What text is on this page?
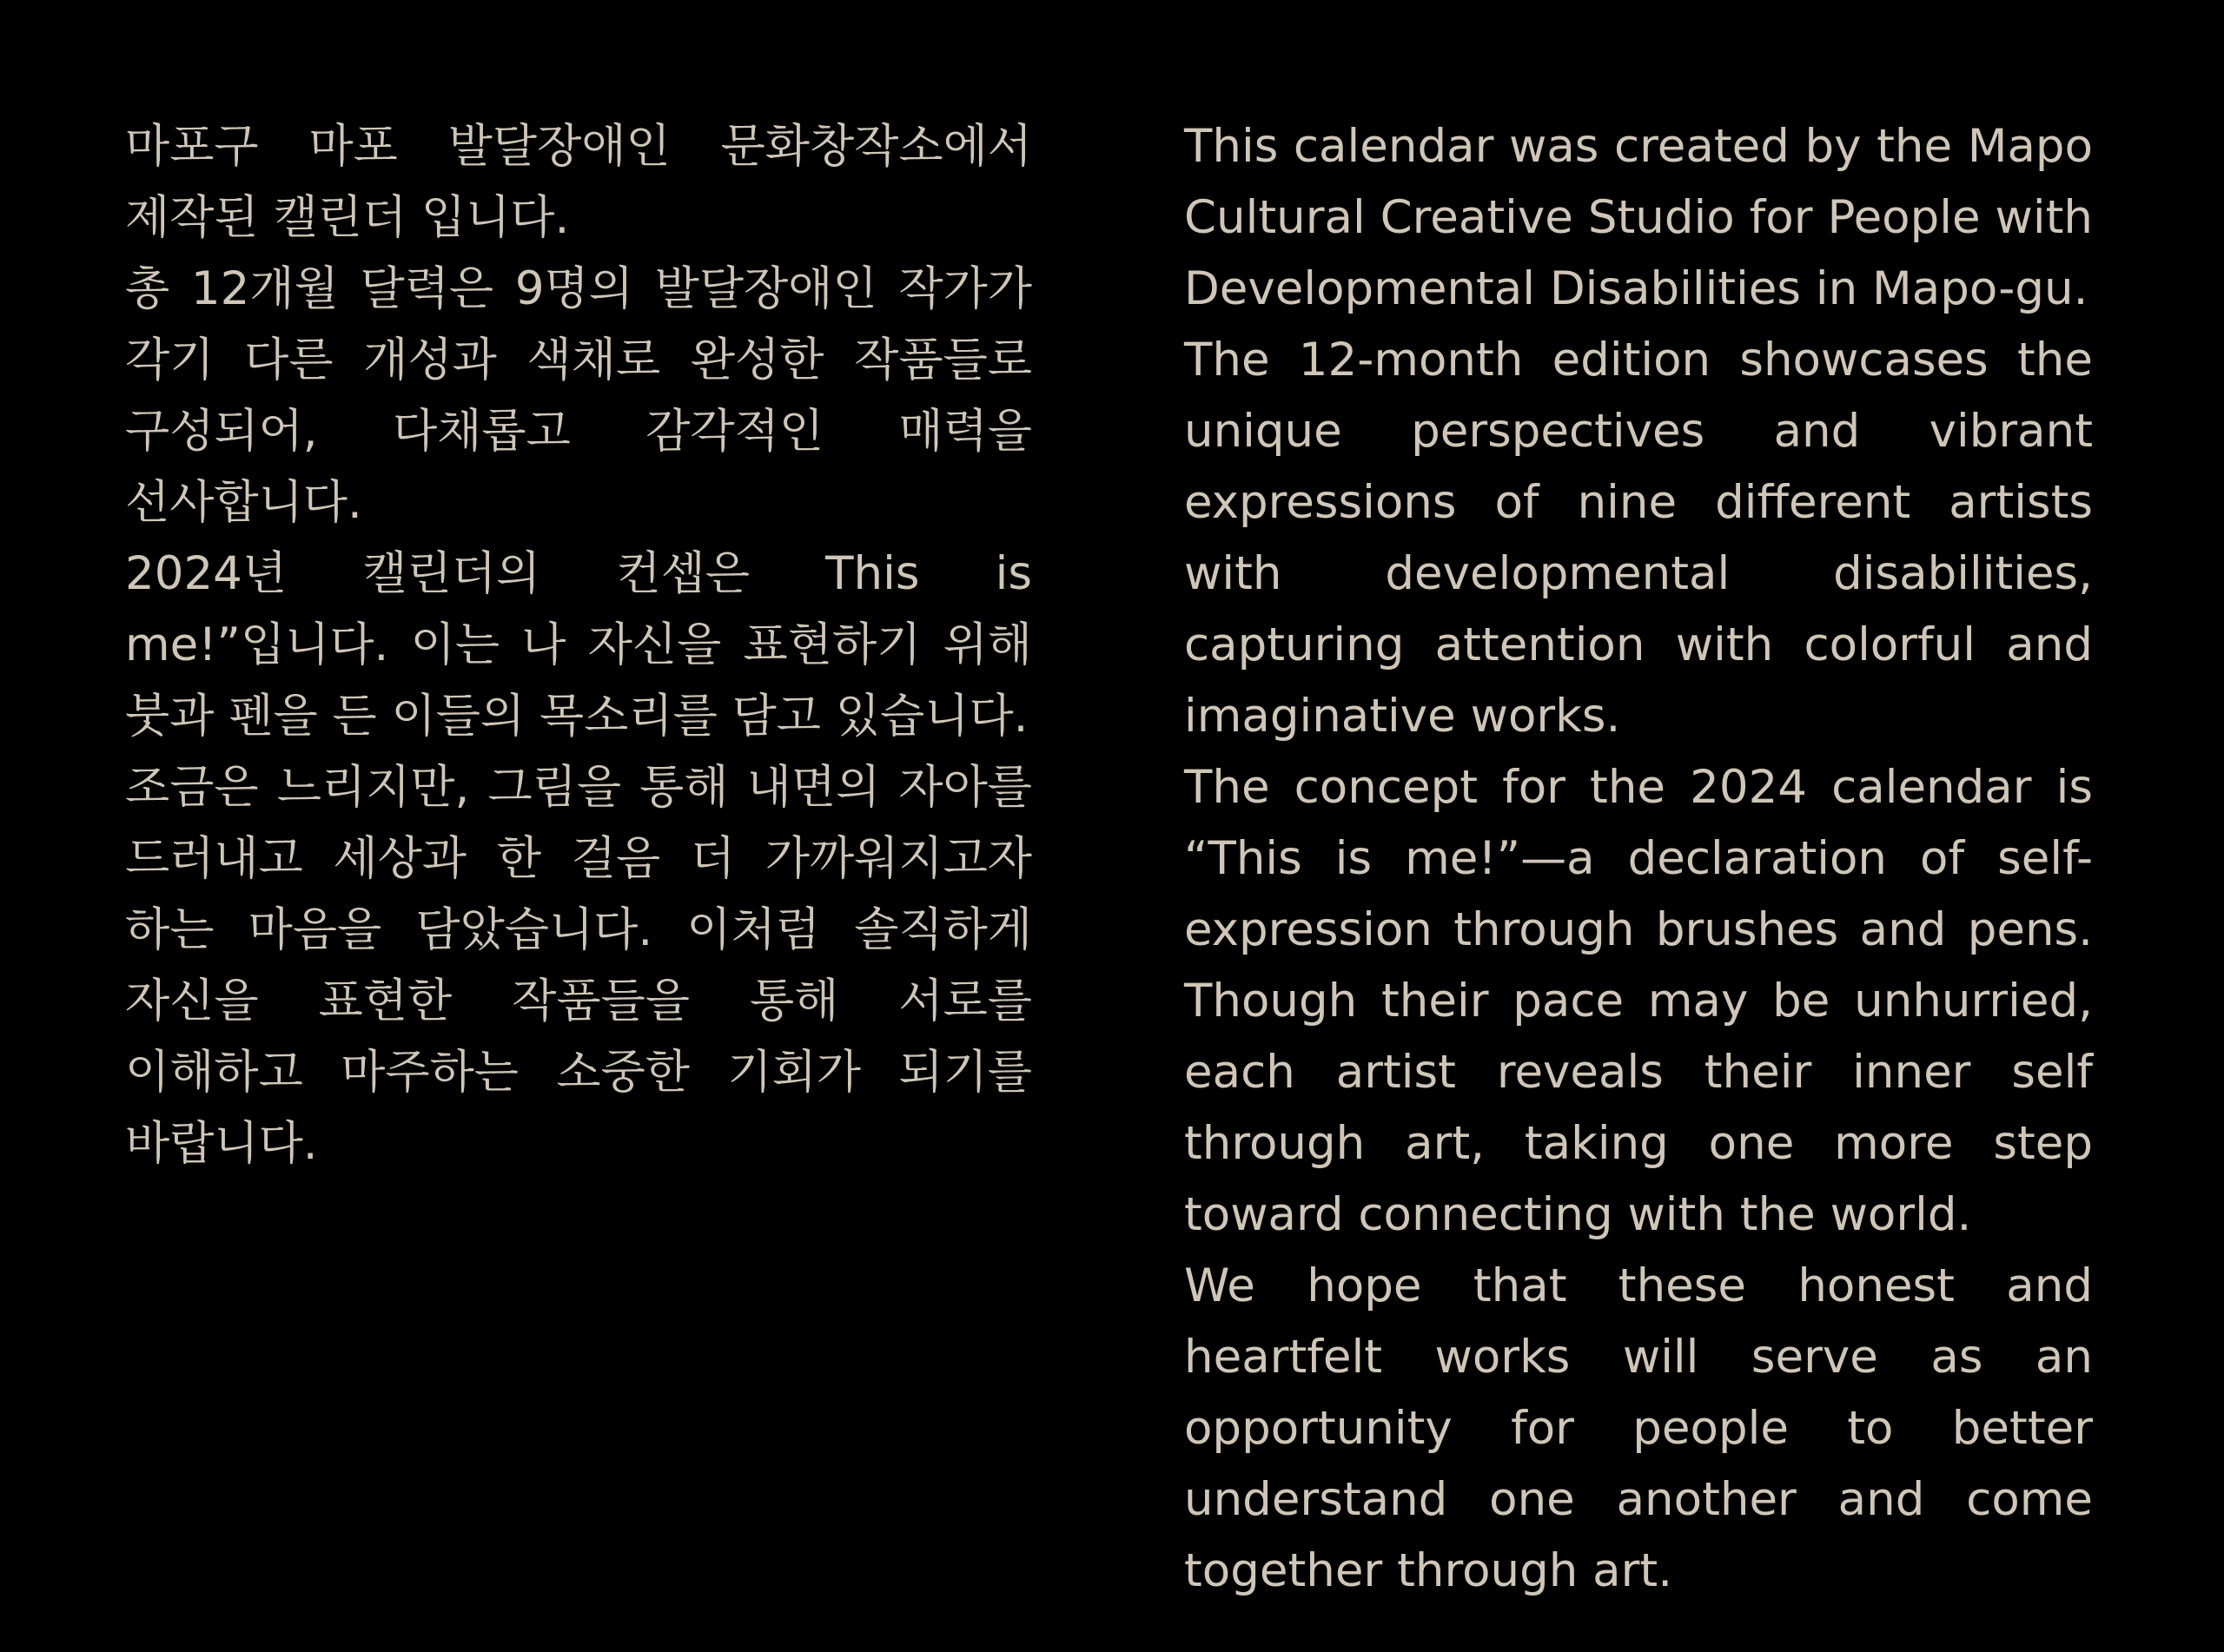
마포구 마포 발달장애인 문화창작소에서 제작된 캘린더 입니다.

총 12개월 달력은 9명의 발달장애인 작가가 각기 다른 개성과 색채로 완성한 작품들로 구성되어, 다채롭고 감각적인 매력을 선사합니다.

2024년 캘린더의 컨셉은 This is me!”입니다. 이는 나 자신을 표현하기 위해 붓과 펜을 든 이들의 목소리를 담고 있습니다.

조금은 느리지만, 그림을 통해 내면의 자아를 드러내고 세상과 한 걸음 더 가까워지고자 하는 마음을 담았습니다. 이처럼 솔직하게 자신을 표현한 작품들을 통해 서로를 이해하고 마주하는 소중한 기회가 되기를 바랍니다.

This calendar was created by the Mapo Cultural Creative Studio for People with Developmental Disabilities in Mapo-gu.

The 12-month edition showcases the unique perspectives and vibrant expressions of nine different artists with developmental disabilities, capturing attention with colorful and imaginative works.

The concept for the 2024 calendar is “This is me!”—a declaration of self-expression through brushes and pens. Though their pace may be unhurried, each artist reveals their inner self through art, taking one more step toward connecting with the world.

We hope that these honest and heartfelt works will serve as an opportunity for people to better understand one another and come together through art.
